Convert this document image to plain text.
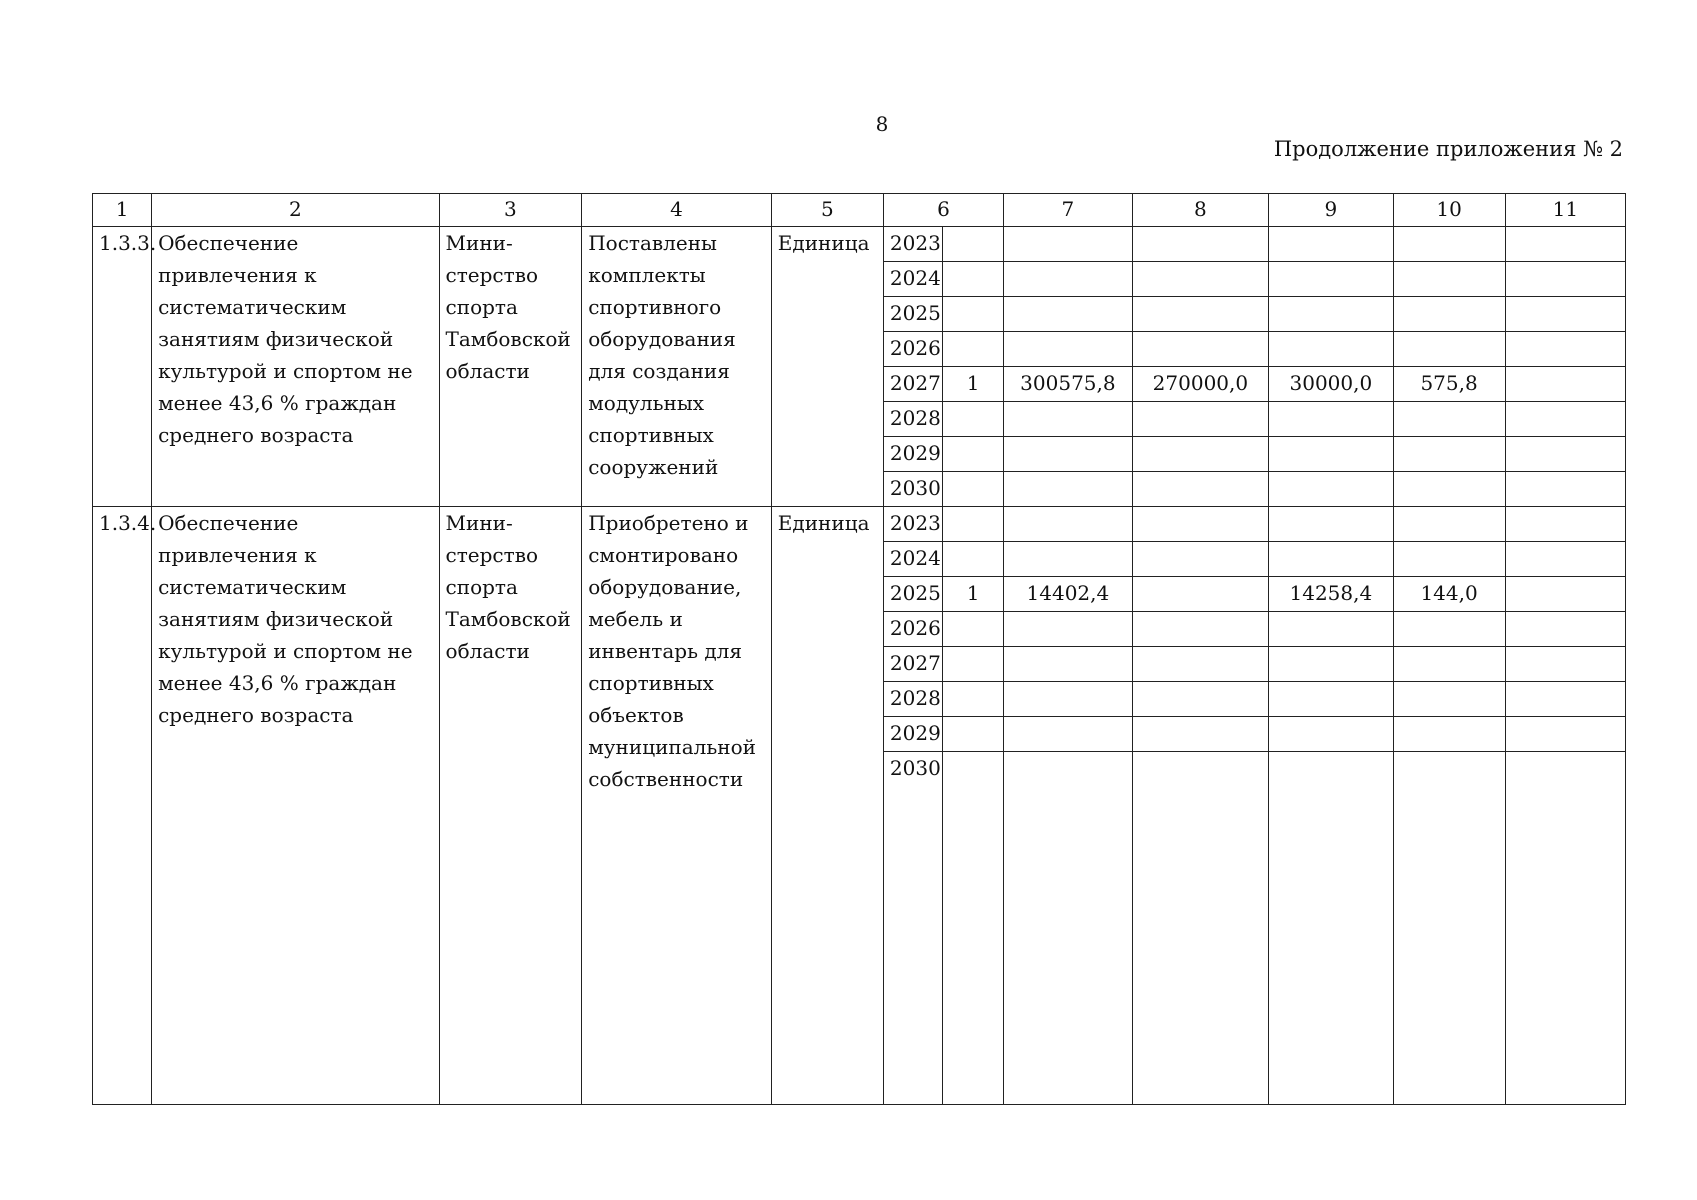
8
Продолжение приложения № 2
1	2	3	4	5	6		7	8	9	10	11
1.3.3.	Обеспечение привлечения к систематическим занятиям физической культурой и спортом не менее 43,6 % граждан среднего возраста	Мини-стерство спорта Тамбовской области	Поставлены комплекты спортивного оборудования для создания модульных спортивных сооружений	Единица	2023						
					2024						
					2025						
					2026						
					2027	1	300575,8	270000,0	30000,0	575,8	
					2028						
					2029						
					2030						
1.3.4.	Обеспечение привлечения к систематическим занятиям физической культурой и спортом не менее 43,6 % граждан среднего возраста	Мини-стерство спорта Тамбовской области	Приобретено и смонтировано оборудование, мебель и инвентарь для спортивных объектов муниципальной собственности	Единица	2023						
					2024						
					2025	1	14402,4		14258,4	144,0	
					2026						
					2027						
					2028						
					2029						
					2030						
